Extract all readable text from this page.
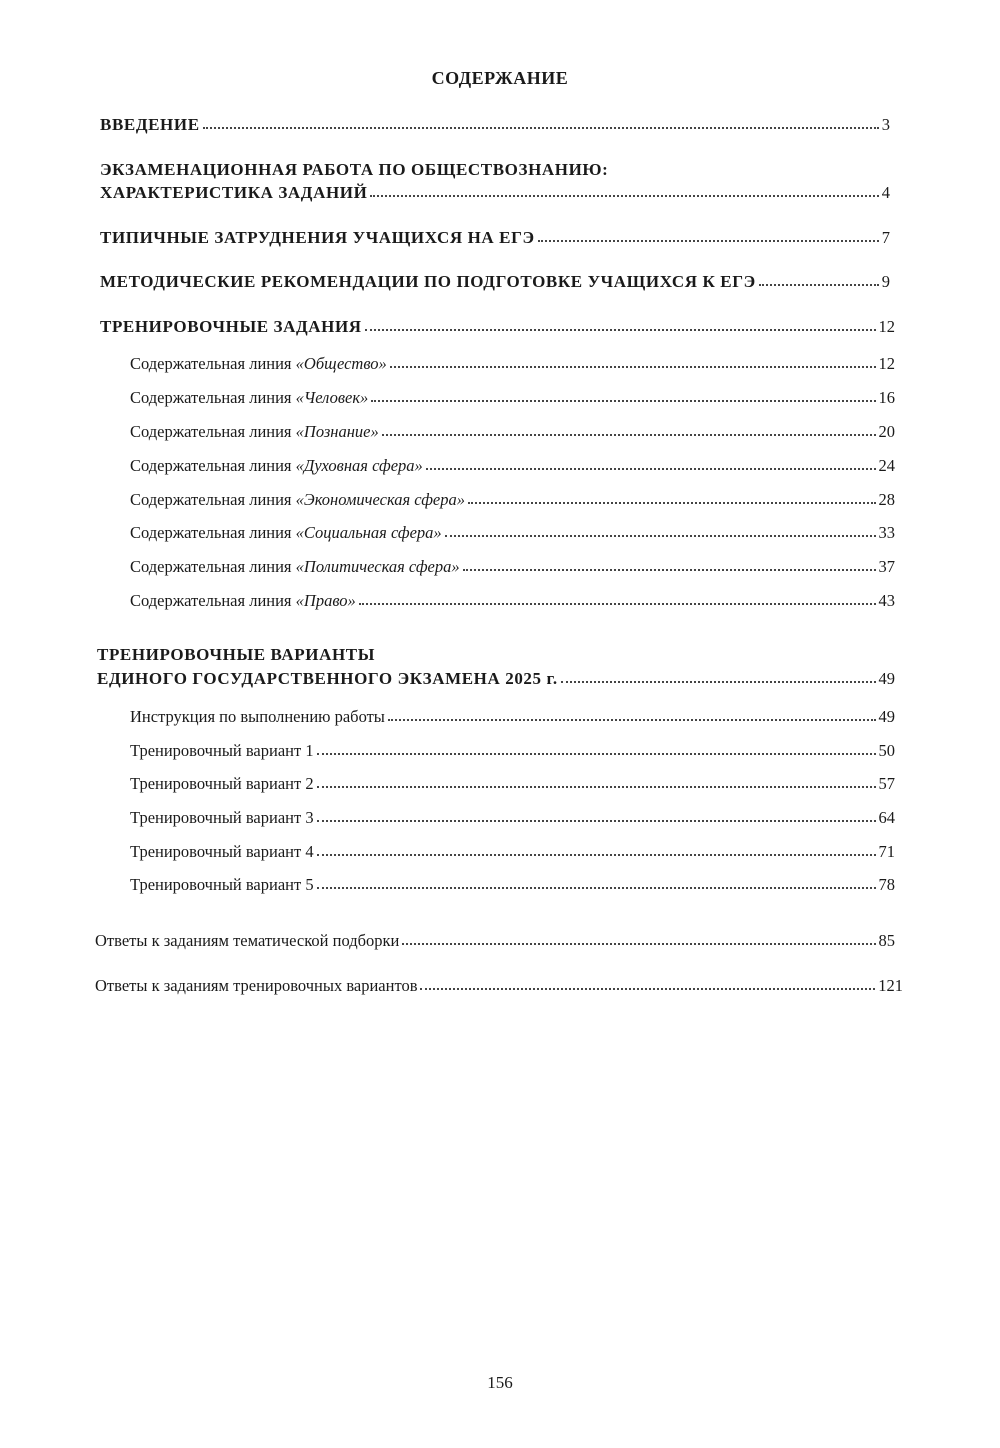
СОДЕРЖАНИЕ
ВВЕДЕНИЕ	3
ЭКЗАМЕНАЦИОННАЯ РАБОТА ПО ОБЩЕСТВОЗНАНИЮ:
ХАРАКТЕРИСТИКА ЗАДАНИЙ	4
ТИПИЧНЫЕ ЗАТРУДНЕНИЯ УЧАЩИХСЯ НА ЕГЭ	7
МЕТОДИЧЕСКИЕ РЕКОМЕНДАЦИИ ПО ПОДГОТОВКЕ УЧАЩИХСЯ К ЕГЭ	9
ТРЕНИРОВОЧНЫЕ ЗАДАНИЯ	12
Содержательная линия «Общество»	12
Содержательная линия «Человек»	16
Содержательная линия «Познание»	20
Содержательная линия «Духовная сфера»	24
Содержательная линия «Экономическая сфера»	28
Содержательная линия «Социальная сфера»	33
Содержательная линия «Политическая сфера»	37
Содержательная линия «Право»	43
ТРЕНИРОВОЧНЫЕ ВАРИАНТЫ
ЕДИНОГО ГОСУДАРСТВЕННОГО ЭКЗАМЕНА 2025 г.	49
Инструкция по выполнению работы	49
Тренировочный вариант 1	50
Тренировочный вариант 2	57
Тренировочный вариант 3	64
Тренировочный вариант 4	71
Тренировочный вариант 5	78
Ответы к заданиям тематической подборки	85
Ответы к заданиям тренировочных вариантов	121
156
